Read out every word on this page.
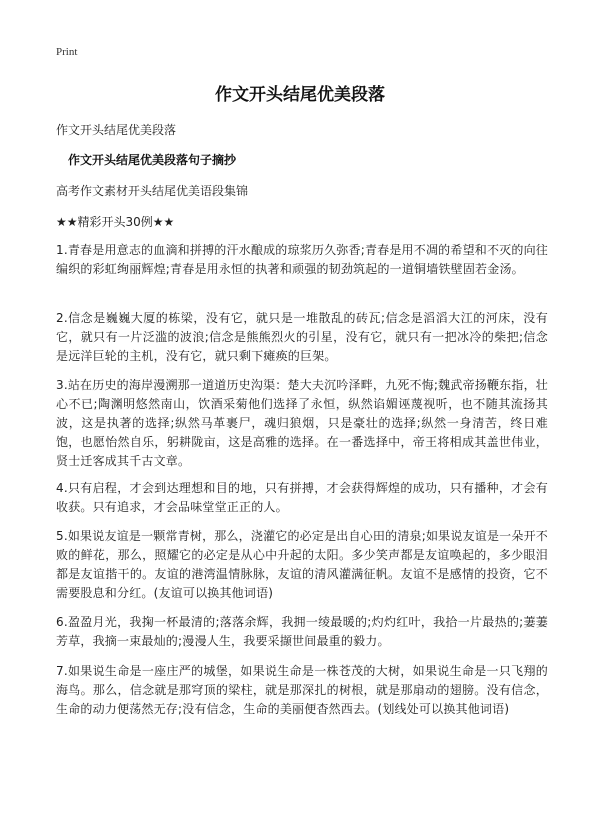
Print
作文开头结尾优美段落
作文开头结尾优美段落
作文开头结尾优美段落句子摘抄
高考作文素材开头结尾优美语段集锦
★★精彩开头30例★★

1.青春是用意志的血滴和拼搏的汗水酿成的琼浆历久弥香;青春是用不凋的希望和不灭的向往编织的彩虹绚丽辉煌;青春是用永恒的执著和顽强的韧劲筑起的一道铜墙铁壁固若金汤。

2.信念是巍巍大厦的栋梁，没有它，就只是一堆散乱的砖瓦;信念是滔滔大江的河床，没有它，就只有一片泛滥的波浪;信念是熊熊烈火的引星，没有它，就只有一把冰冷的柴把;信念是远洋巨轮的主机，没有它，就只剩下瘫痪的巨架。

3.站在历史的海岸漫溯那一道道历史沟渠：楚大夫沉吟泽畔，九死不悔;魏武帝扬鞭东指，壮心不已;陶渊明悠然南山，饮酒采菊他们选择了永恒，纵然谄媚诬蔑视听，也不随其流扬其波，这是执著的选择;纵然马革裹尸，魂归狼烟，只是豪壮的选择;纵然一身清苦，终日难饱，也愿怡然自乐，躬耕陇亩，这是高雅的选择。在一番选择中，帝王将相成其盖世伟业，贤士迁客成其千古文章。

4.只有启程，才会到达理想和目的地，只有拼搏，才会获得辉煌的成功，只有播种，才会有收获。只有追求，才会品味堂堂正正的人。

5.如果说友谊是一颗常青树，那么，浇灌它的必定是出自心田的清泉;如果说友谊是一朵开不败的鲜花，那么，照耀它的必定是从心中升起的太阳。多少笑声都是友谊唤起的，多少眼泪都是友谊揩干的。友谊的港湾温情脉脉，友谊的清风灌满征帆。友谊不是感情的投资，它不需要股息和分红。(友谊可以换其他词语)

6.盈盈月光，我掬一杯最清的;落落余辉，我拥一绫最暖的;灼灼红叶，我拾一片最热的;萋萋芳草，我摘一束最灿的;漫漫人生，我要采撷世间最重的毅力。

7.如果说生命是一座庄严的城堡，如果说生命是一株苍茂的大树，如果说生命是一只飞翔的海鸟。那么，信念就是那穹顶的梁柱，就是那深扎的树根，就是那扇动的翅膀。没有信念，生命的动力便荡然无存;没有信念，生命的美丽便杳然西去。(划线处可以换其他词语)
